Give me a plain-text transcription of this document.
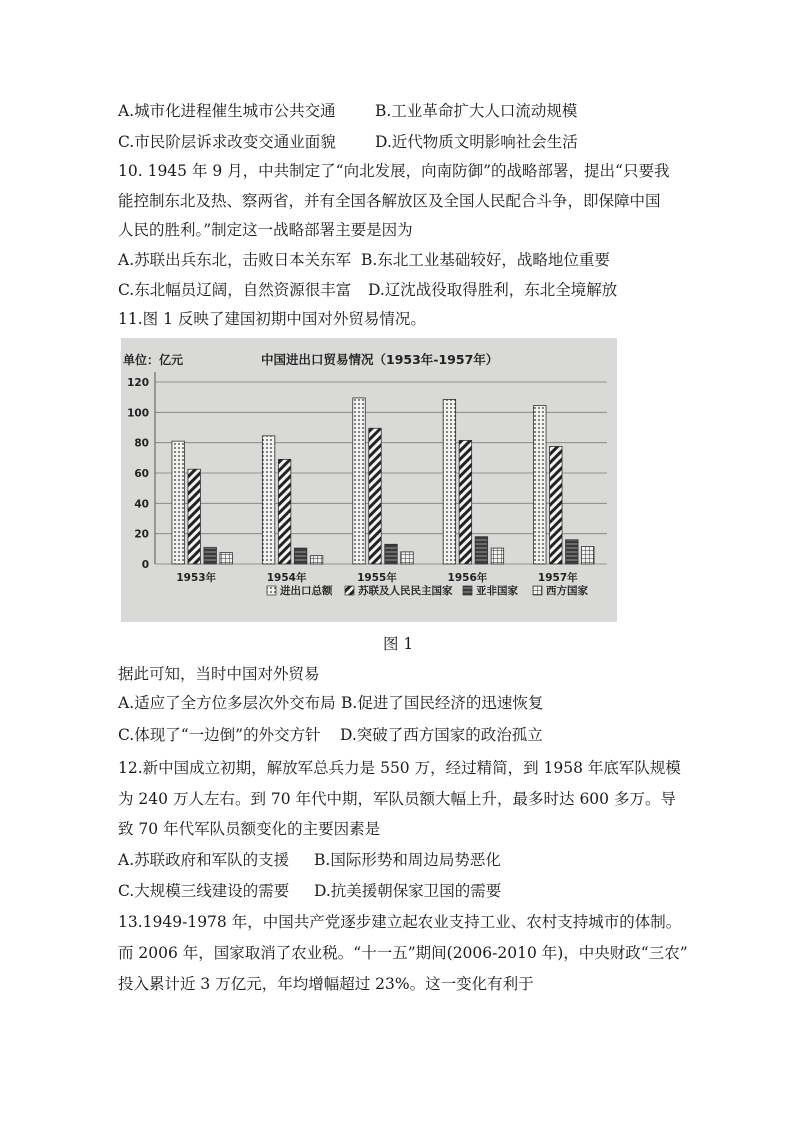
A.城市化进程催生城市公共交通	B.工业革命扩大人口流动规模
C.市民阶层诉求改变交通业面貌	D.近代物质文明影响社会生活
10. 1945 年 9 月，中共制定了“向北发展，向南防御”的战略部署，提出“只要我
能控制东北及热、察两省，并有全国各解放区及全国人民配合斗争，即保障中国
人民的胜利。”制定这一战略部署主要是因为
A.苏联出兵东北，击败日本关东军 B.东北工业基础较好，战略地位重要
C.东北幅员辽阔，自然资源很丰富 D.辽沈战役取得胜利，东北全境解放
11.图 1 反映了建国初期中国对外贸易情况。
0
20
40
60
80
100
120
1953年	1954年	1955年	1956年	1957年
进出口总额 苏联及人民民主国家 亚非国家	西方国家
单位：亿元	中国进出口贸易情况（1953年-1957年）
图 1
据此可知，当时中国对外贸易
A.适应了全方位多层次外交布局 B.促进了国民经济的迅速恢复
C.体现了“一边倒”的外交方针 D.突破了西方国家的政治孤立
12.新中国成立初期，解放军总兵力是 550 万，经过精简，到 1958 年底军队规模
为 240 万人左右。到 70 年代中期，军队员额大幅上升，最多时达 600 多万。导
致 70 年代军队员额变化的主要因素是
A.苏联政府和军队的支援 B.国际形势和周边局势恶化
C.大规模三线建设的需要 D.抗美援朝保家卫国的需要
13.1949-1978 年，中国共产党逐步建立起农业支持工业、农村支持城市的体制。
而 2006 年，国家取消了农业税。“十一五”期间(2006-2010 年)，中央财政“三农”
投入累计近 3 万亿元，年均增幅超过 23%。这一变化有利于
